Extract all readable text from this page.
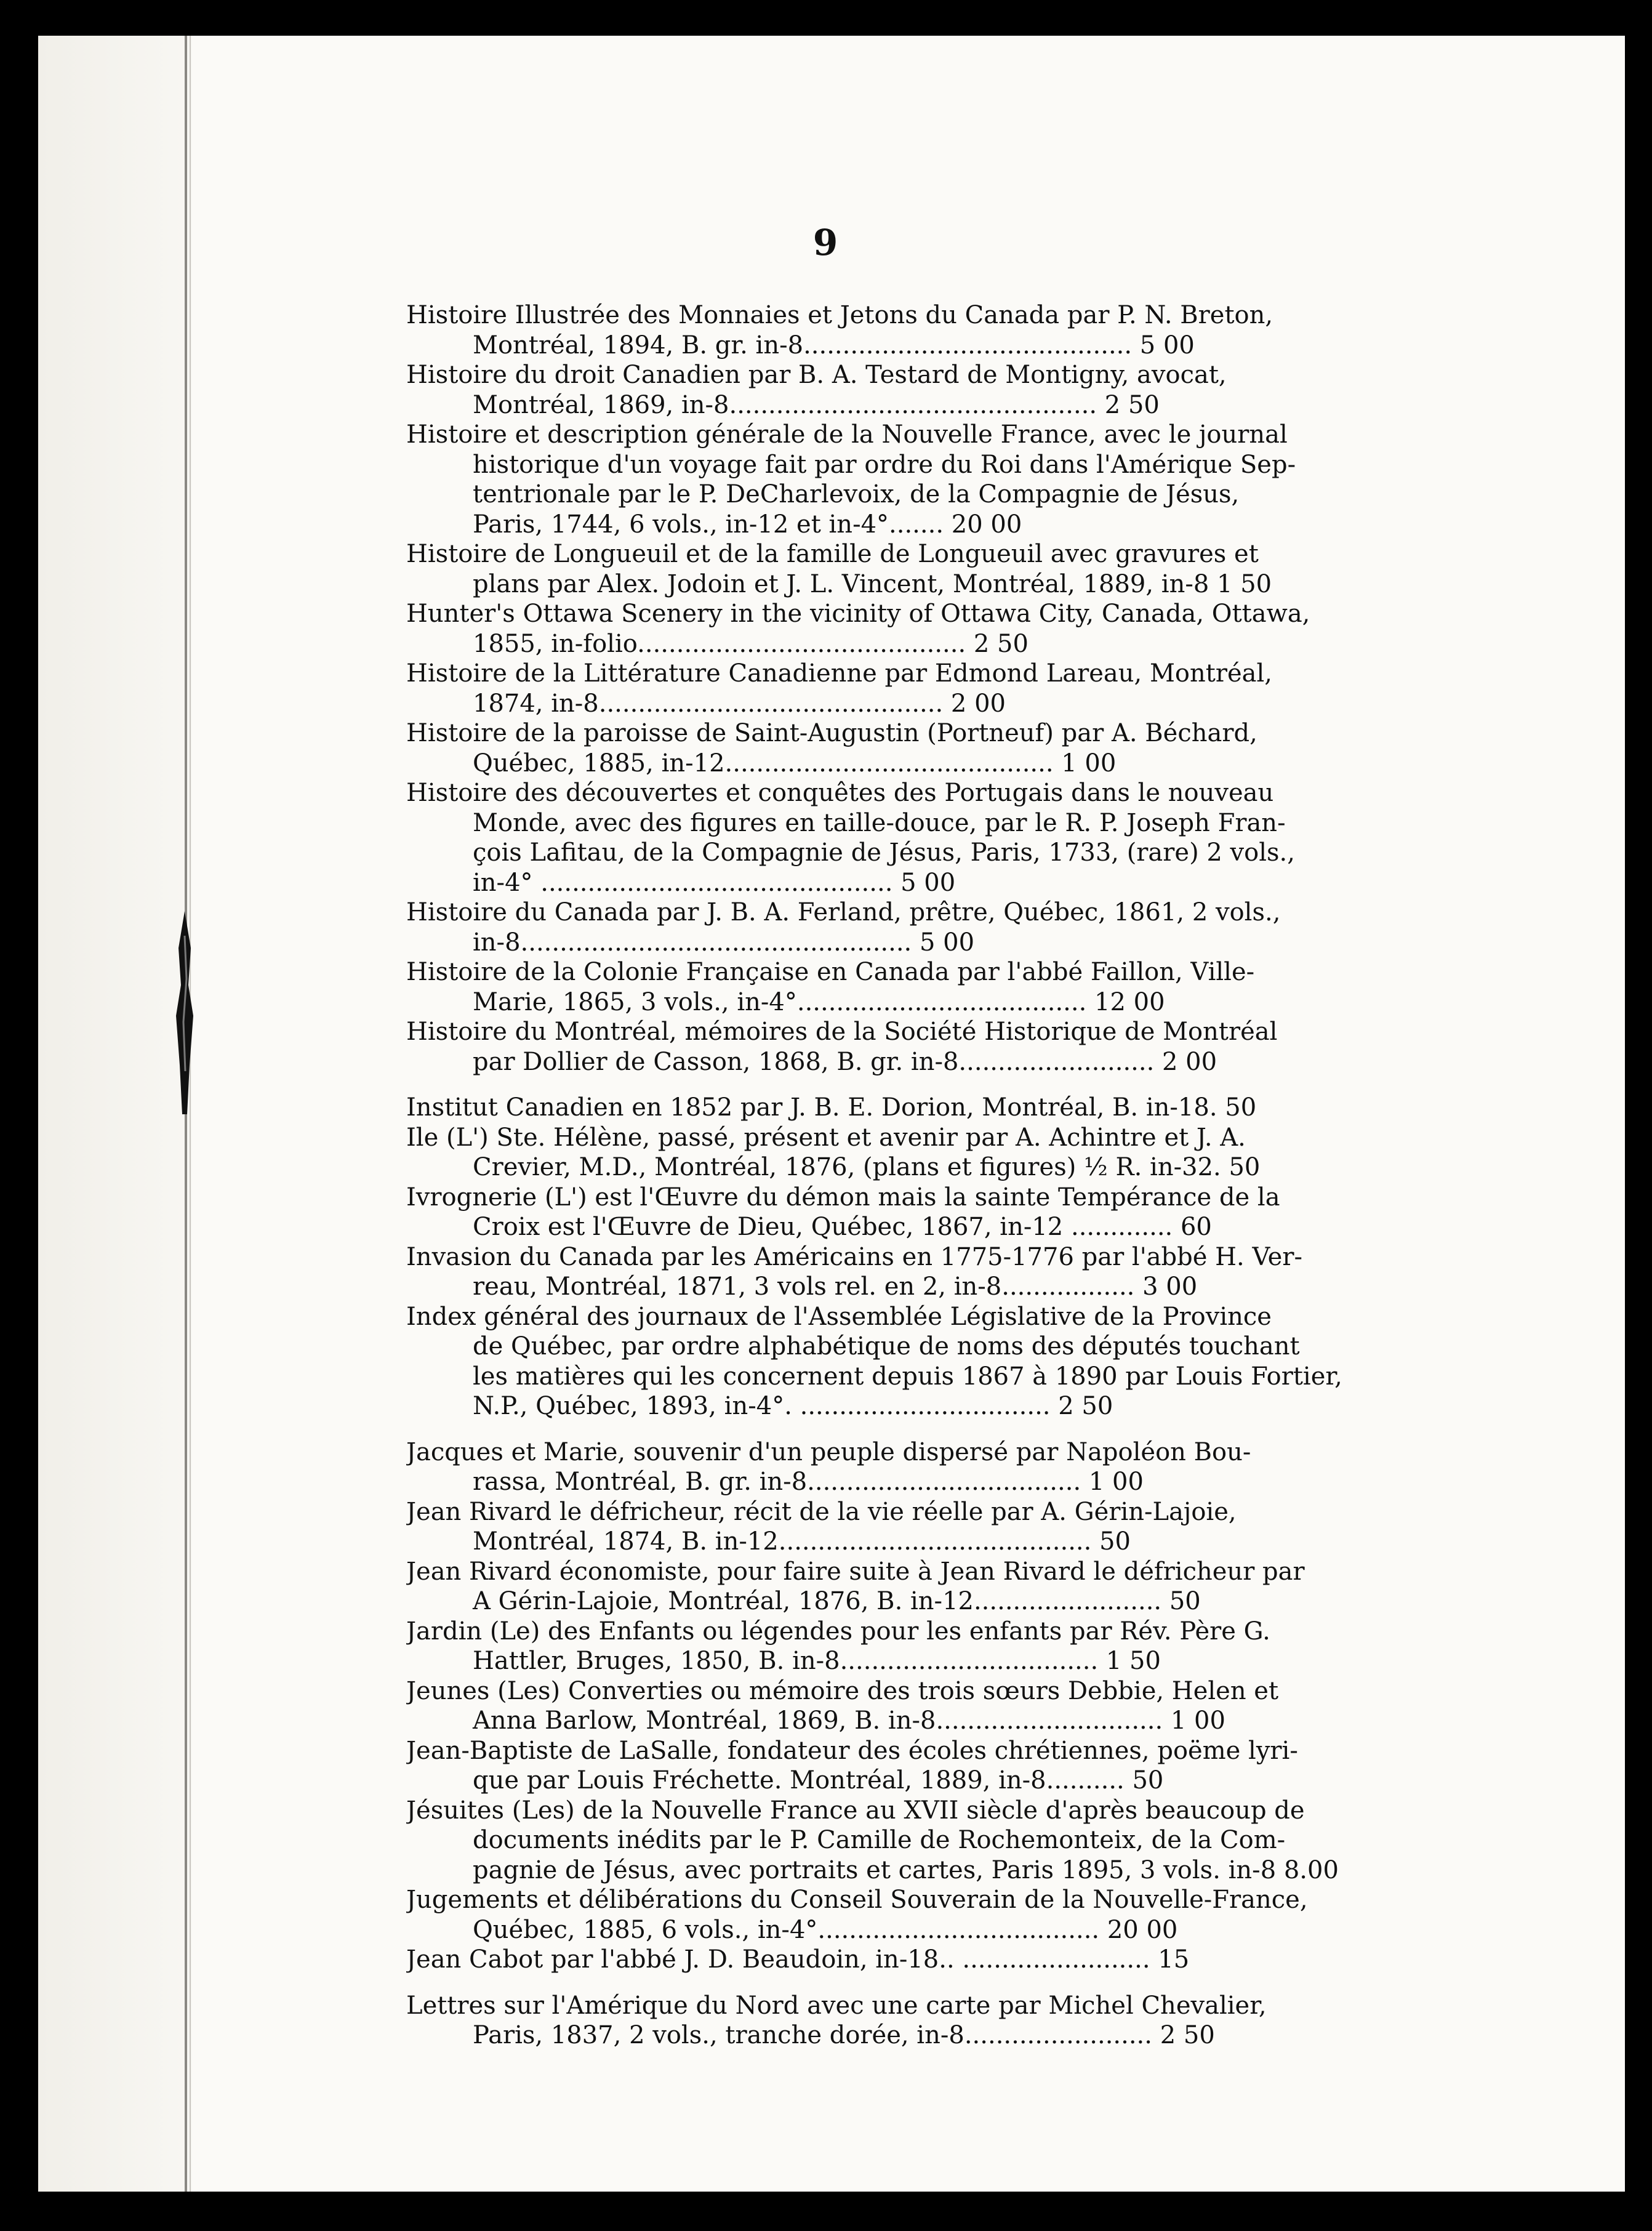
9
Histoire Illustrée des Monnaies et Jetons du Canada par P. N. Breton,
Montréal, 1894, B. gr. in-8.......................................... 5 00
Histoire du droit Canadien par B. A. Testard de Montigny, avocat,
Montréal, 1869, in-8............................................... 2 50
Histoire et description générale de la Nouvelle France, avec le journal
historique d'un voyage fait par ordre du Roi dans l'Amérique Sep-
tentrionale par le P. DeCharlevoix, de la Compagnie de Jésus,
Paris, 1744, 6 vols., in-12 et in-4°....... 20 00
Histoire de Longueuil et de la famille de Longueuil avec gravures et
plans par Alex. Jodoin et J. L. Vincent, Montréal, 1889, in-8 1 50
Hunter's Ottawa Scenery in the vicinity of Ottawa City, Canada, Ottawa,
1855, in-folio.......................................... 2 50
Histoire de la Littérature Canadienne par Edmond Lareau, Montréal,
1874, in-8............................................ 2 00
Histoire de la paroisse de Saint-Augustin (Portneuf) par A. Béchard,
Québec, 1885, in-12.......................................... 1 00
Histoire des découvertes et conquêtes des Portugais dans le nouveau
Monde, avec des figures en taille-douce, par le R. P. Joseph Fran-
çois Lafitau, de la Compagnie de Jésus, Paris, 1733, (rare) 2 vols.,
in-4° ............................................. 5 00
Histoire du Canada par J. B. A. Ferland, prêtre, Québec, 1861, 2 vols.,
in-8.................................................. 5 00
Histoire de la Colonie Française en Canada par l'abbé Faillon, Ville-
Marie, 1865, 3 vols., in-4°..................................... 12 00
Histoire du Montréal, mémoires de la Société Historique de Montréal
par Dollier de Casson, 1868, B. gr. in-8......................... 2 00
Institut Canadien en 1852 par J. B. E. Dorion, Montréal, B. in-18. 50
Ile (L') Ste. Hélène, passé, présent et avenir par A. Achintre et J. A.
Crevier, M.D., Montréal, 1876, (plans et figures) ½ R. in-32. 50
Ivrognerie (L') est l'Œuvre du démon mais la sainte Tempérance de la
Croix est l'Œuvre de Dieu, Québec, 1867, in-12 ............. 60
Invasion du Canada par les Américains en 1775-1776 par l'abbé H. Ver-
reau, Montréal, 1871, 3 vols rel. en 2, in-8................. 3 00
Index général des journaux de l'Assemblée Législative de la Province
de Québec, par ordre alphabétique de noms des députés touchant
les matières qui les concernent depuis 1867 à 1890 par Louis Fortier,
N.P., Québec, 1893, in-4°. ................................ 2 50
Jacques et Marie, souvenir d'un peuple dispersé par Napoléon Bou-
rassa, Montréal, B. gr. in-8................................... 1 00
Jean Rivard le défricheur, récit de la vie réelle par A. Gérin-Lajoie,
Montréal, 1874, B. in-12........................................ 50
Jean Rivard économiste, pour faire suite à Jean Rivard le défricheur par
A Gérin-Lajoie, Montréal, 1876, B. in-12........................ 50
Jardin (Le) des Enfants ou légendes pour les enfants par Rév. Père G.
Hattler, Bruges, 1850, B. in-8................................. 1 50
Jeunes (Les) Converties ou mémoire des trois sœurs Debbie, Helen et
Anna Barlow, Montréal, 1869, B. in-8............................. 1 00
Jean-Baptiste de LaSalle, fondateur des écoles chrétiennes, poëme lyri-
que par Louis Fréchette. Montréal, 1889, in-8.......... 50
Jésuites (Les) de la Nouvelle France au XVII siècle d'après beaucoup de
documents inédits par le P. Camille de Rochemonteix, de la Com-
pagnie de Jésus, avec portraits et cartes, Paris 1895, 3 vols. in-8 8.00
Jugements et délibérations du Conseil Souverain de la Nouvelle-France,
Québec, 1885, 6 vols., in-4°.................................... 20 00
Jean Cabot par l'abbé J. D. Beaudoin, in-18.. ........................ 15
Lettres sur l'Amérique du Nord avec une carte par Michel Chevalier,
Paris, 1837, 2 vols., tranche dorée, in-8........................ 2 50
